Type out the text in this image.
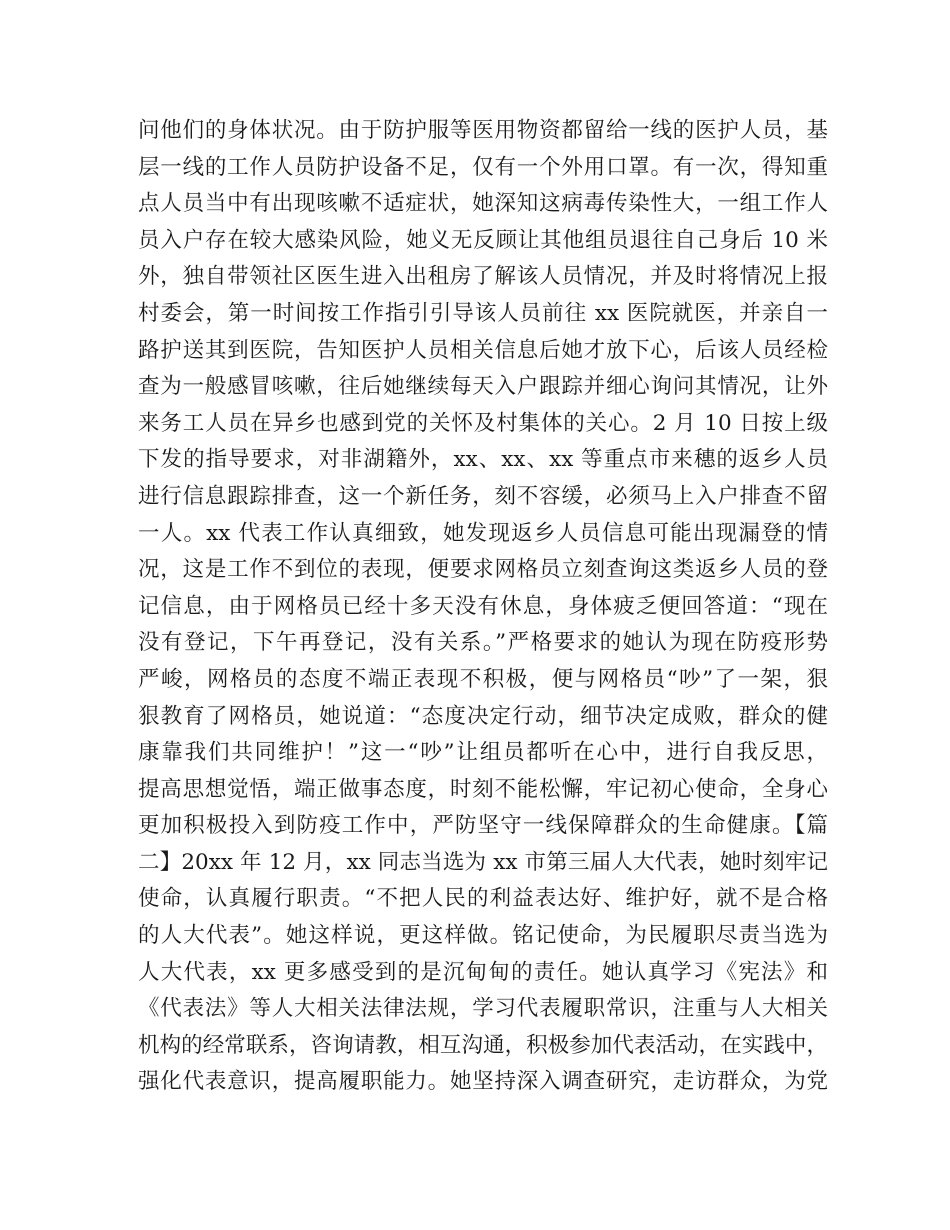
问他们的身体状况。由于防护服等医用物资都留给一线的医护人员，基
层一线的工作人员防护设备不足，仅有一个外用口罩。有一次，得知重
点人员当中有出现咳嗽不适症状，她深知这病毒传染性大，一组工作人
员入户存在较大感染风险，她义无反顾让其他组员退往自己身后 10 米
外，独自带领社区医生进入出租房了解该人员情况，并及时将情况上报
村委会，第一时间按工作指引引导该人员前往 xx 医院就医，并亲自一
路护送其到医院，告知医护人员相关信息后她才放下心，后该人员经检
查为一般感冒咳嗽，往后她继续每天入户跟踪并细心询问其情况，让外
来务工人员在异乡也感到党的关怀及村集体的关心。2 月 10 日按上级
下发的指导要求，对非湖籍外，xx、xx、xx 等重点市来穗的返乡人员
进行信息跟踪排查，这一个新任务，刻不容缓，必须马上入户排查不留
一人。xx 代表工作认真细致，她发现返乡人员信息可能出现漏登的情
况，这是工作不到位的表现，便要求网格员立刻查询这类返乡人员的登
记信息，由于网格员已经十多天没有休息，身体疲乏便回答道：“现在
没有登记，下午再登记，没有关系。”严格要求的她认为现在防疫形势
严峻，网格员的态度不端正表现不积极，便与网格员“吵”了一架，狠
狠教育了网格员，她说道：“态度决定行动，细节决定成败，群众的健
康靠我们共同维护！”这一“吵”让组员都听在心中，进行自我反思，
提高思想觉悟，端正做事态度，时刻不能松懈，牢记初心使命，全身心
更加积极投入到防疫工作中，严防坚守一线保障群众的生命健康。【篇
二】20xx 年 12 月，xx 同志当选为 xx 市第三届人大代表，她时刻牢记
使命，认真履行职责。“不把人民的利益表达好、维护好，就不是合格
的人大代表”。她这样说，更这样做。铭记使命，为民履职尽责当选为
人大代表，xx 更多感受到的是沉甸甸的责任。她认真学习《宪法》和
《代表法》等人大相关法律法规，学习代表履职常识，注重与人大相关
机构的经常联系，咨询请教，相互沟通，积极参加代表活动，在实践中，
强化代表意识，提高履职能力。她坚持深入调查研究，走访群众，为党
